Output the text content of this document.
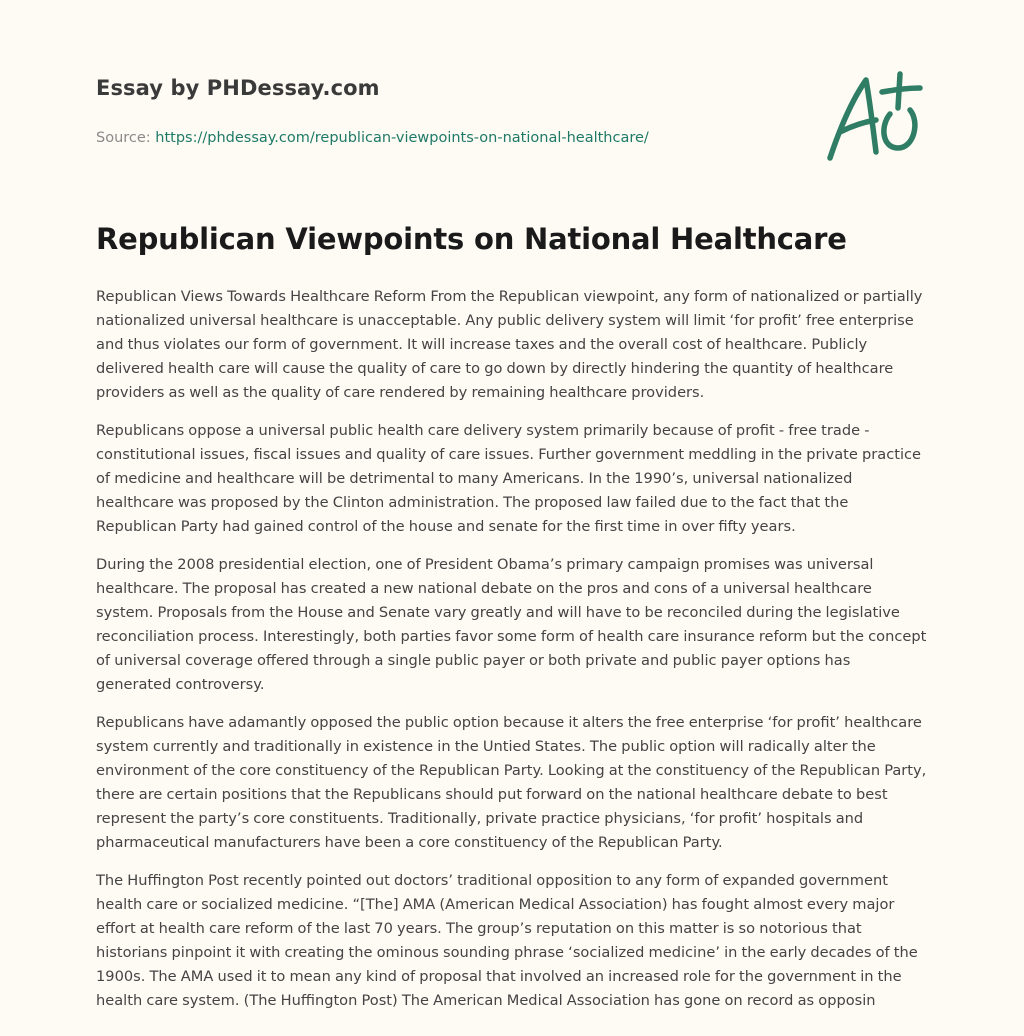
Essay by PHDessay.com
Source: https://phdessay.com/republican-viewpoints-on-national-healthcare/
Republican Viewpoints on National Healthcare

Republican Views Towards Healthcare Reform From the Republican viewpoint, any form of nationalized or partially nationalized universal healthcare is unacceptable. Any public delivery system will limit ‘for profit’ free enterprise and thus violates our form of government. It will increase taxes and the overall cost of healthcare. Publicly delivered health care will cause the quality of care to go down by directly hindering the quantity of healthcare providers as well as the quality of care rendered by remaining healthcare providers.

Republicans oppose a universal public health care delivery system primarily because of profit - free trade - constitutional issues, fiscal issues and quality of care issues. Further government meddling in the private practice of medicine and healthcare will be detrimental to many Americans. In the 1990’s, universal nationalized healthcare was proposed by the Clinton administration. The proposed law failed due to the fact that the Republican Party had gained control of the house and senate for the first time in over fifty years.

During the 2008 presidential election, one of President Obama’s primary campaign promises was universal healthcare. The proposal has created a new national debate on the pros and cons of a universal healthcare system. Proposals from the House and Senate vary greatly and will have to be reconciled during the legislative reconciliation process. Interestingly, both parties favor some form of health care insurance reform but the concept of universal coverage offered through a single public payer or both private and public payer options has generated controversy.

Republicans have adamantly opposed the public option because it alters the free enterprise ‘for profit’ healthcare system currently and traditionally in existence in the Untied States. The public option will radically alter the environment of the core constituency of the Republican Party. Looking at the constituency of the Republican Party, there are certain positions that the Republicans should put forward on the national healthcare debate to best represent the party’s core constituents. Traditionally, private practice physicians, ‘for profit’ hospitals and pharmaceutical manufacturers have been a core constituency of the Republican Party.

The Huffington Post recently pointed out doctors’ traditional opposition to any form of expanded government health care or socialized medicine. “[The] AMA (American Medical Association) has fought almost every major effort at health care reform of the last 70 years. The group’s reputation on this matter is so notorious that historians pinpoint it with creating the ominous sounding phrase ‘socialized medicine’ in the early decades of the 1900s. The AMA used it to mean any kind of proposal that involved an increased role for the government in the health care system. (The Huffington Post) The American Medical Association has gone on record as opposin
